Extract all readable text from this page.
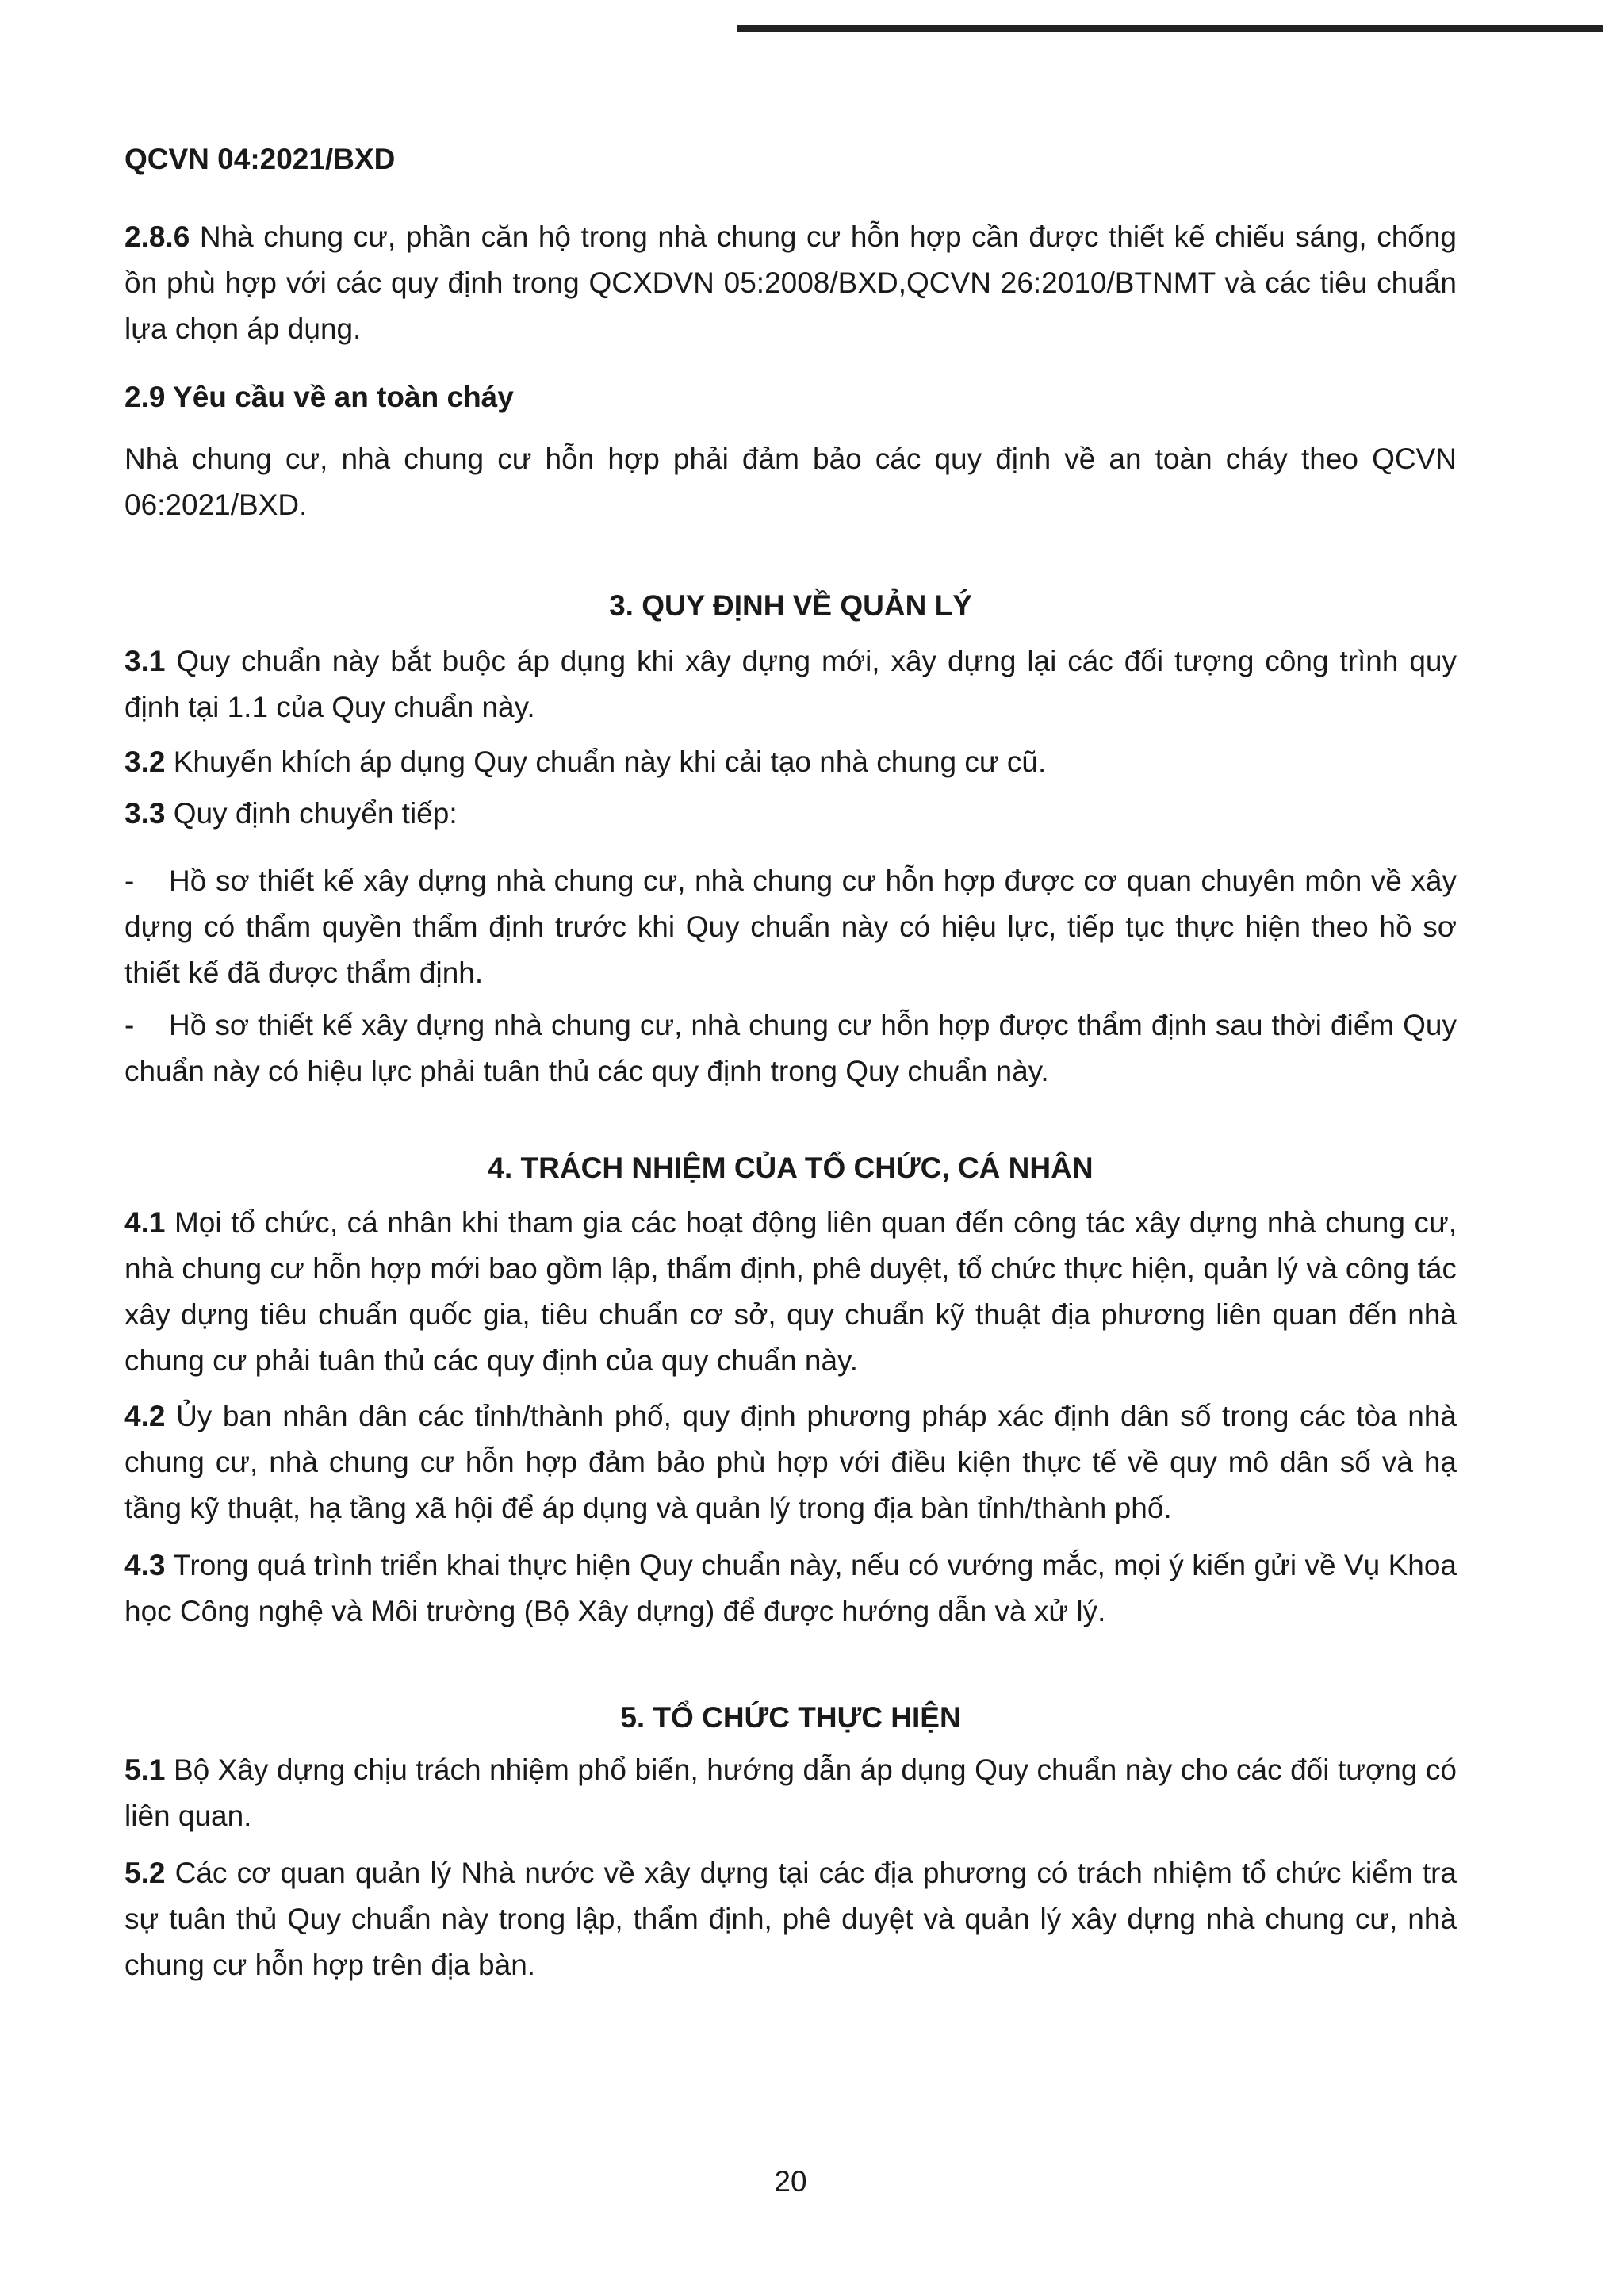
QCVN 04:2021/BXD

2.8.6 Nhà chung cư, phần căn hộ trong nhà chung cư hỗn hợp cần được thiết kế chiếu sáng, chống ồn phù hợp với các quy định trong QCXDVN 05:2008/BXD,QCVN 26:2010/BTNMT và các tiêu chuẩn lựa chọn áp dụng.

2.9 Yêu cầu về an toàn cháy

Nhà chung cư, nhà chung cư hỗn hợp phải đảm bảo các quy định về an toàn cháy theo QCVN 06:2021/BXD.

3. QUY ĐỊNH VỀ QUẢN LÝ

3.1 Quy chuẩn này bắt buộc áp dụng khi xây dựng mới, xây dựng lại các đối tượng công trình quy định tại 1.1 của Quy chuẩn này.

3.2 Khuyến khích áp dụng Quy chuẩn này khi cải tạo nhà chung cư cũ.

3.3 Quy định chuyển tiếp:

- Hồ sơ thiết kế xây dựng nhà chung cư, nhà chung cư hỗn hợp được cơ quan chuyên môn về xây dựng có thẩm quyền thẩm định trước khi Quy chuẩn này có hiệu lực, tiếp tục thực hiện theo hồ sơ thiết kế đã được thẩm định.

- Hồ sơ thiết kế xây dựng nhà chung cư, nhà chung cư hỗn hợp được thẩm định sau thời điểm Quy chuẩn này có hiệu lực phải tuân thủ các quy định trong Quy chuẩn này.

4. TRÁCH NHIỆM CỦA TỔ CHỨC, CÁ NHÂN

4.1 Mọi tổ chức, cá nhân khi tham gia các hoạt động liên quan đến công tác xây dựng nhà chung cư, nhà chung cư hỗn hợp mới bao gồm lập, thẩm định, phê duyệt, tổ chức thực hiện, quản lý và công tác xây dựng tiêu chuẩn quốc gia, tiêu chuẩn cơ sở, quy chuẩn kỹ thuật địa phương liên quan đến nhà chung cư phải tuân thủ các quy định của quy chuẩn này.

4.2 Ủy ban nhân dân các tỉnh/thành phố, quy định phương pháp xác định dân số trong các tòa nhà chung cư, nhà chung cư hỗn hợp đảm bảo phù hợp với điều kiện thực tế về quy mô dân số và hạ tầng kỹ thuật, hạ tầng xã hội để áp dụng và quản lý trong địa bàn tỉnh/thành phố.

4.3 Trong quá trình triển khai thực hiện Quy chuẩn này, nếu có vướng mắc, mọi ý kiến gửi về Vụ Khoa học Công nghệ và Môi trường (Bộ Xây dựng) để được hướng dẫn và xử lý.

5. TỔ CHỨC THỰC HIỆN

5.1 Bộ Xây dựng chịu trách nhiệm phổ biến, hướng dẫn áp dụng Quy chuẩn này cho các đối tượng có liên quan.

5.2 Các cơ quan quản lý Nhà nước về xây dựng tại các địa phương có trách nhiệm tổ chức kiểm tra sự tuân thủ Quy chuẩn này trong lập, thẩm định, phê duyệt và quản lý xây dựng nhà chung cư, nhà chung cư hỗn hợp trên địa bàn.

20
